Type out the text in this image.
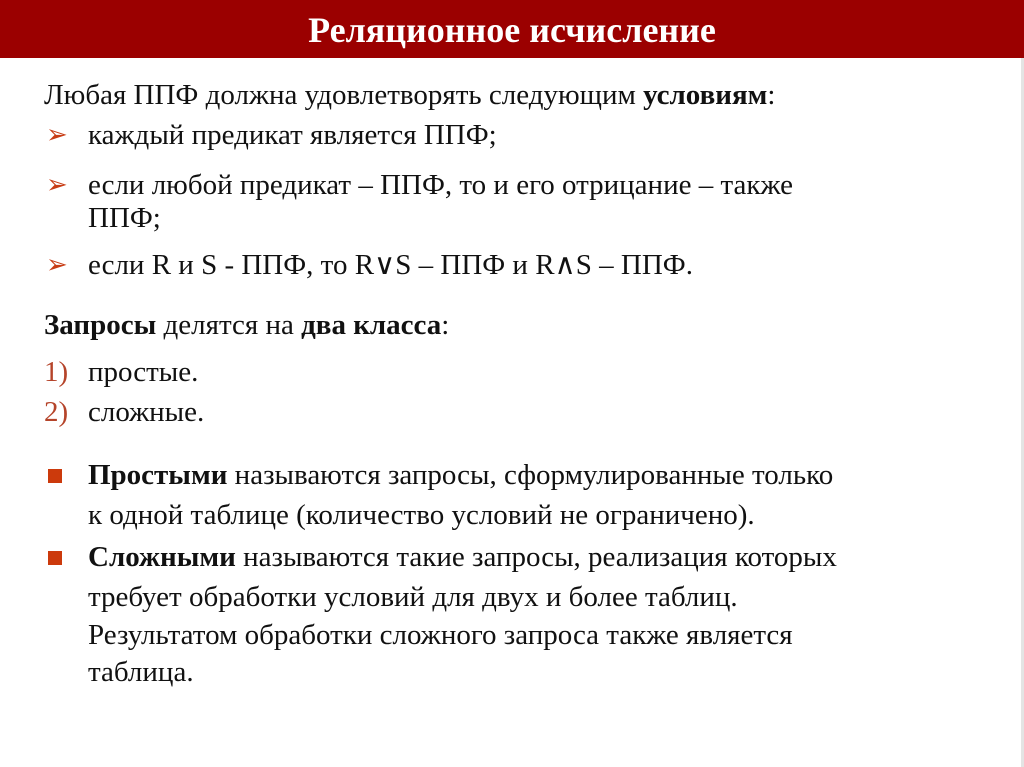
Реляционное исчисление
Любая ППФ должна удовлетворять следующим условиям:
➢ каждый предикат является ППФ;
➢ если любой предикат – ППФ, то и его отрицание – также
ППФ;
➢ если R и S - ППФ, то R∨S – ППФ и R∧S – ППФ.
Запросы делятся на два класса:
1) простые.
2) сложные.
Простыми называются запросы, сформулированные только
к одной таблице (количество условий не ограничено).
Сложными называются такие запросы, реализация которых
требует обработки условий для двух и более таблиц.
Результатом обработки сложного запроса также является
таблица.
